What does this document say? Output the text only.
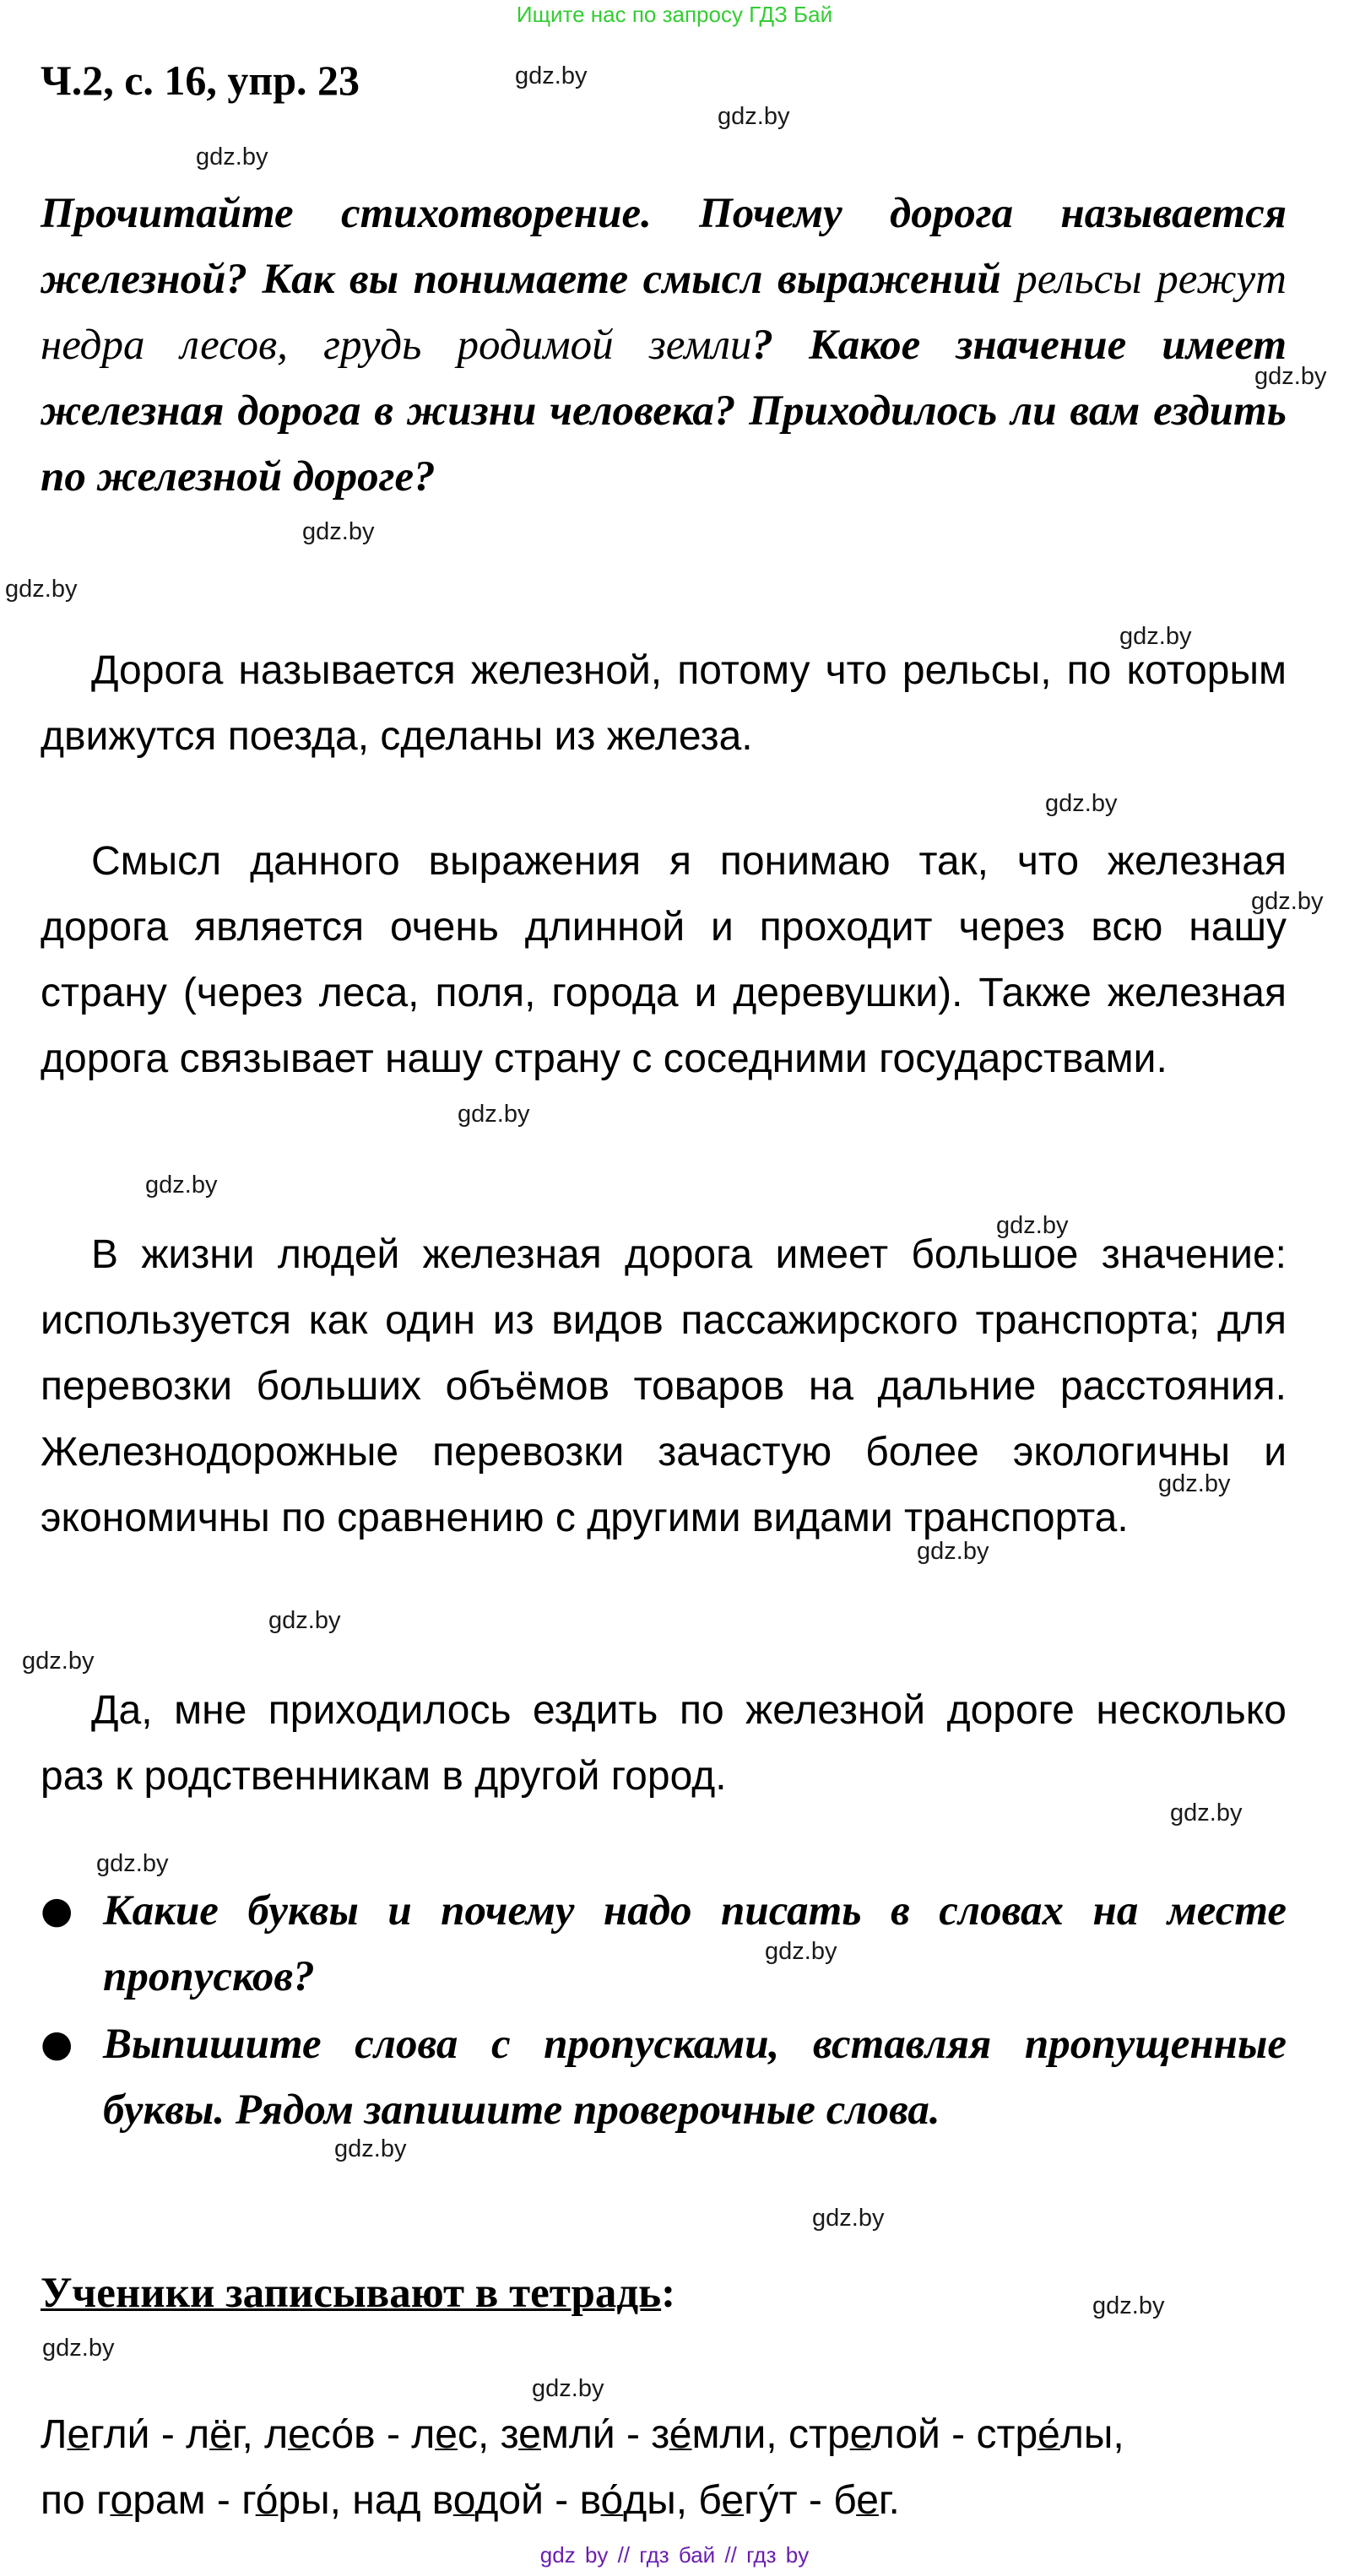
Ищите нас по запросу ГДЗ Бай
Ч.2, с. 16, упр. 23
Прочитайте стихотворение. Почему дорога называется железной? Как вы понимаете смысл выражений рельсы режут недра лесов, грудь родимой земли? Какое значение имеет железная дорога в жизни человека? Приходилось ли вам ездить по железной дороге?
Дорога называется железной, потому что рельсы, по которым движутся поезда, сделаны из железа.
Смысл данного выражения я понимаю так, что железная дорога является очень длинной и проходит через всю нашу страну (через леса, поля, города и деревушки). Также железная дорога связывает нашу страну с соседними государствами.
В жизни людей железная дорога имеет большое значение: используется как один из видов пассажирского транспорта; для перевозки больших объёмов товаров на дальние расстояния. Железнодорожные перевозки зачастую более экологичны и экономичны по сравнению с другими видами транспорта.
Да, мне приходилось ездить по железной дороге несколько раз к родственникам в другой город.
● Какие буквы и почему надо писать в словах на месте пропусков?
● Выпишите слова с пропусками, вставляя пропущенные буквы. Рядом запишите проверочные слова.
Ученики записывают в тетрадь:
Легли́ - лёг, лесо́в - лес, земли́ - зе́мли, стрелой - стре́лы,
по горам - го́ры, над водой - во́ды, бегу́т - бег.
gdz.by
gdz.by
gdz.by
gdz.by
gdz.by
gdz.by
gdz.by
gdz.by
gdz.by
gdz.by
gdz.by
gdz.by
gdz.by
gdz.by
gdz.by
gdz.by
gdz.by
gdz.by
gdz.by
gdz.by
gdz.by
gdz.by
gdz.by
gdz.by
gdz by // гдз бай // гдз by
